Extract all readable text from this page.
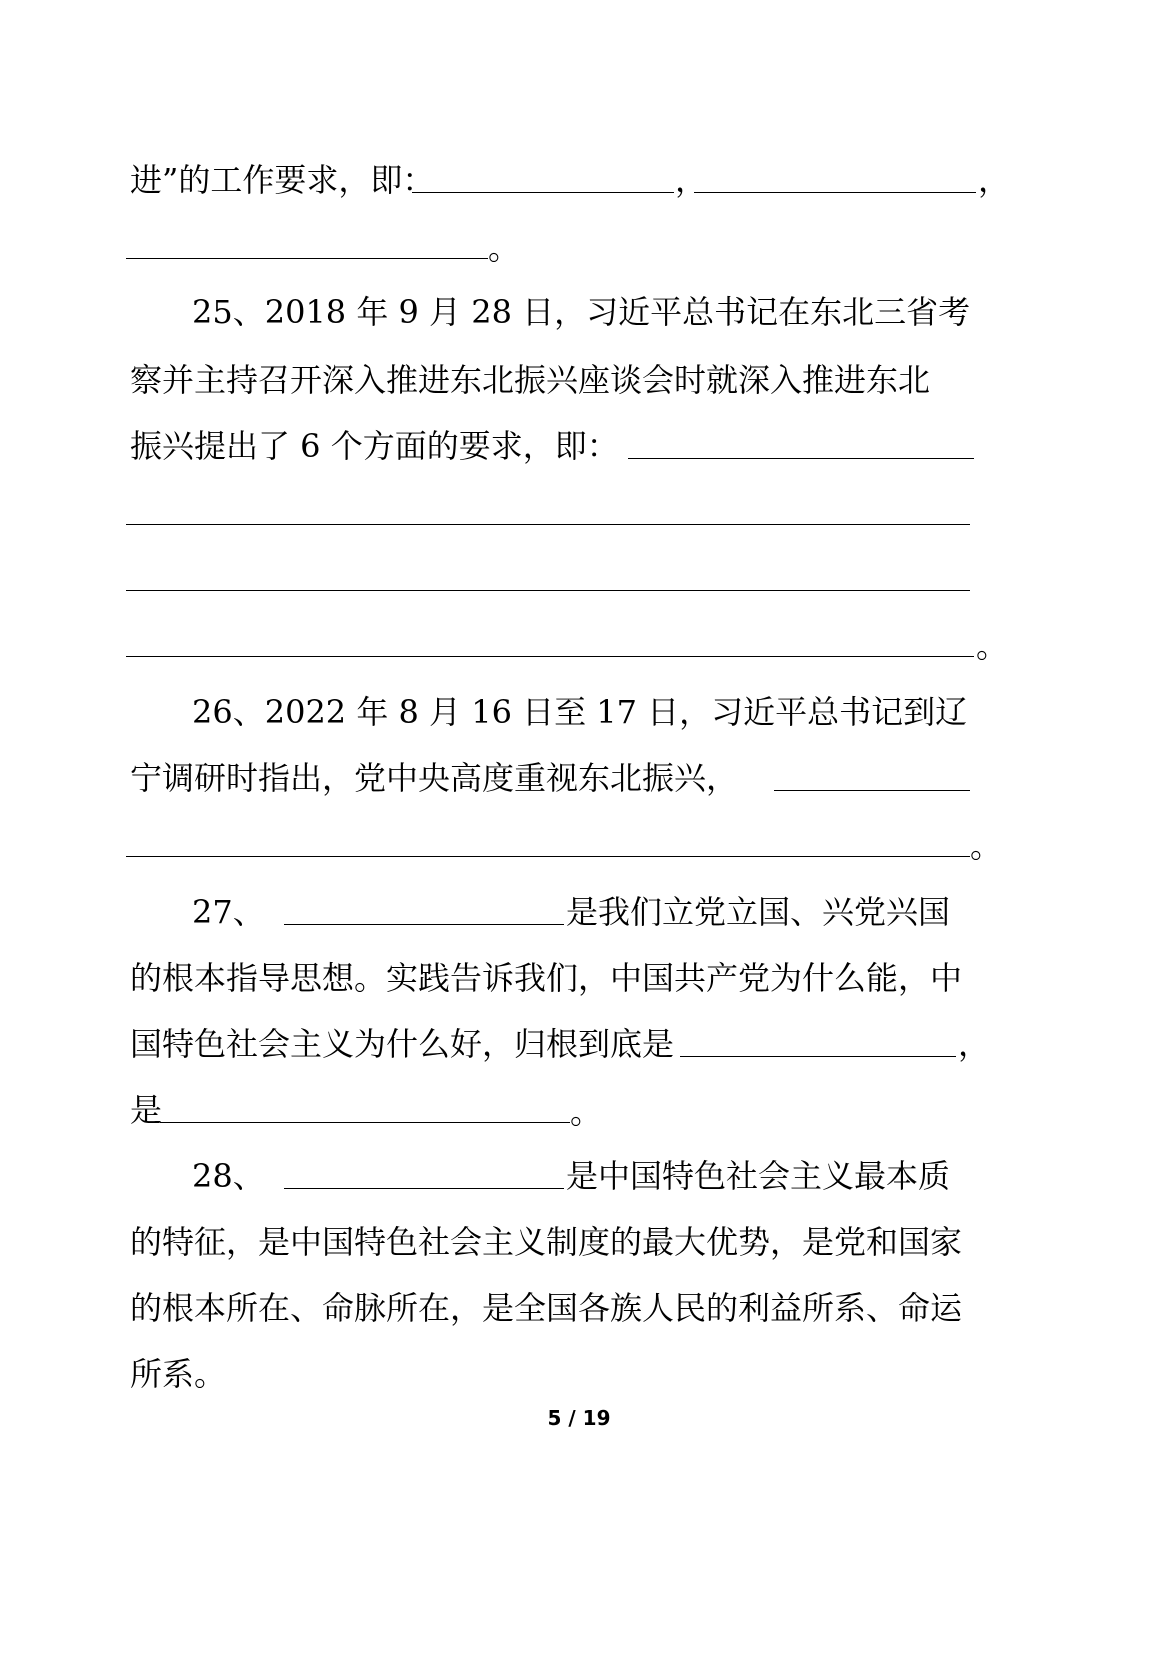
进”的工作要求，即：	，	，
。
25、2018 年 9 月 28 日，习近平总书记在东北三省考
察并主持召开深入推进东北振兴座谈会时就深入推进东北
振兴提出了 6 个方面的要求，即：
。
26、2022 年 8 月 16 日至 17 日，习近平总书记到辽
宁调研时指出，党中央高度重视东北振兴，
。
27、	是我们立党立国、兴党兴国
的根本指导思想。实践告诉我们，中国共产党为什么能，中
国特色社会主义为什么好，归根到底是	，
是	。
28、	是中国特色社会主义最本质
的特征，是中国特色社会主义制度的最大优势，是党和国家
的根本所在、命脉所在，是全国各族人民的利益所系、命运
所系。
5 / 19
